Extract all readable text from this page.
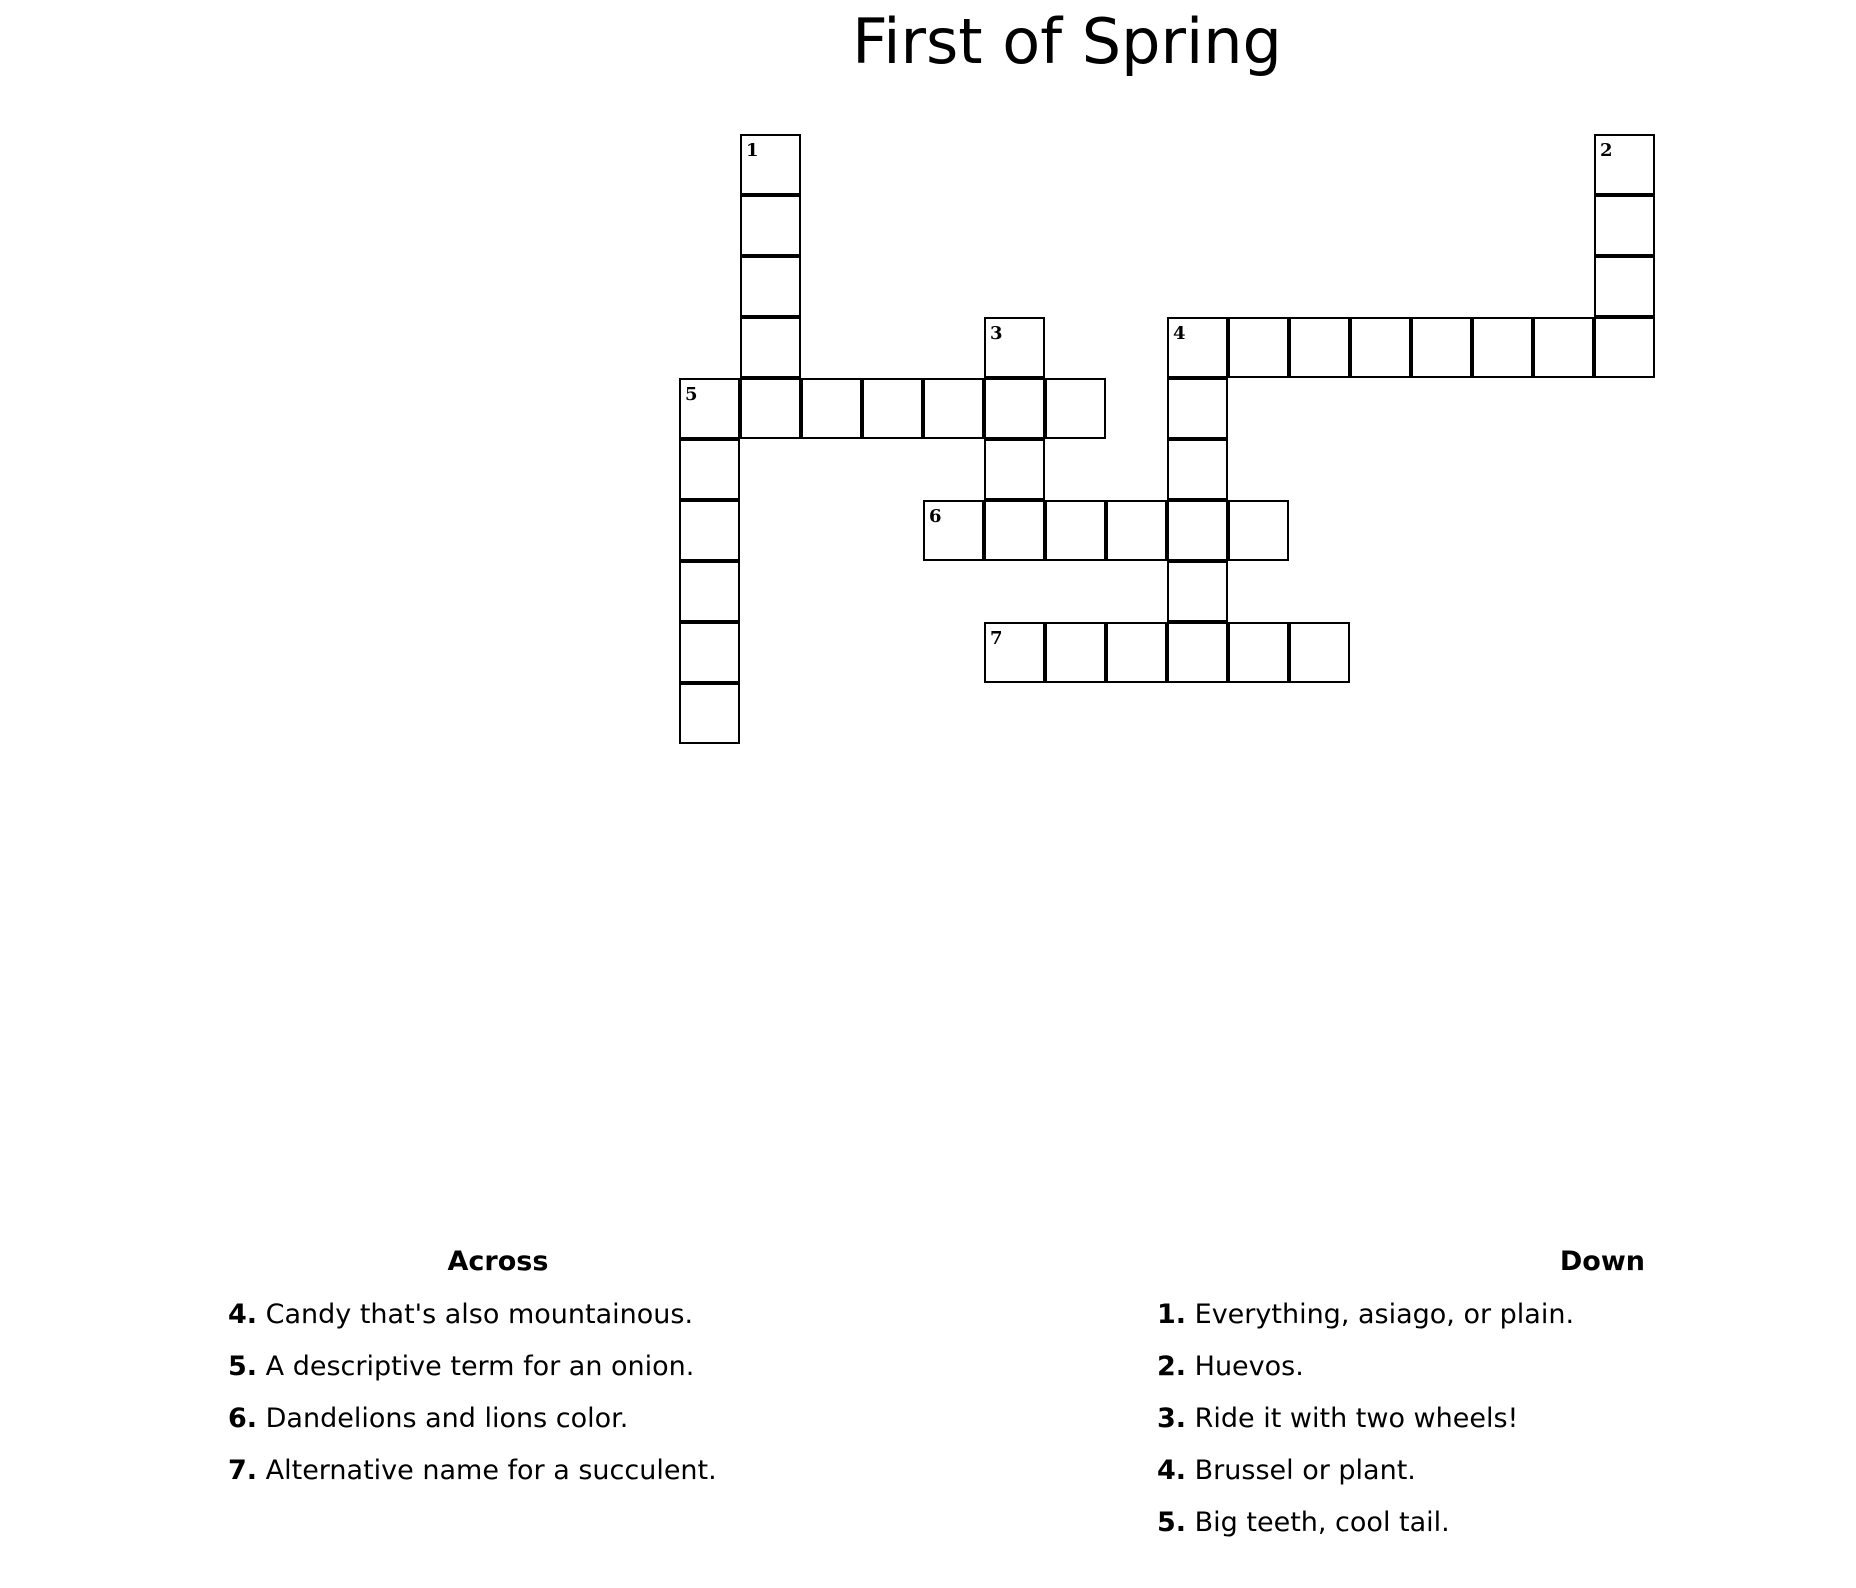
First of Spring
1	2
3	4
5
6
7
Across
4. Candy that's also mountainous.
5. A descriptive term for an onion.
6. Dandelions and lions color.
7. Alternative name for a succulent.
Down
1. Everything, asiago, or plain.
2. Huevos.
3. Ride it with two wheels!
4. Brussel or plant.
5. Big teeth, cool tail.
